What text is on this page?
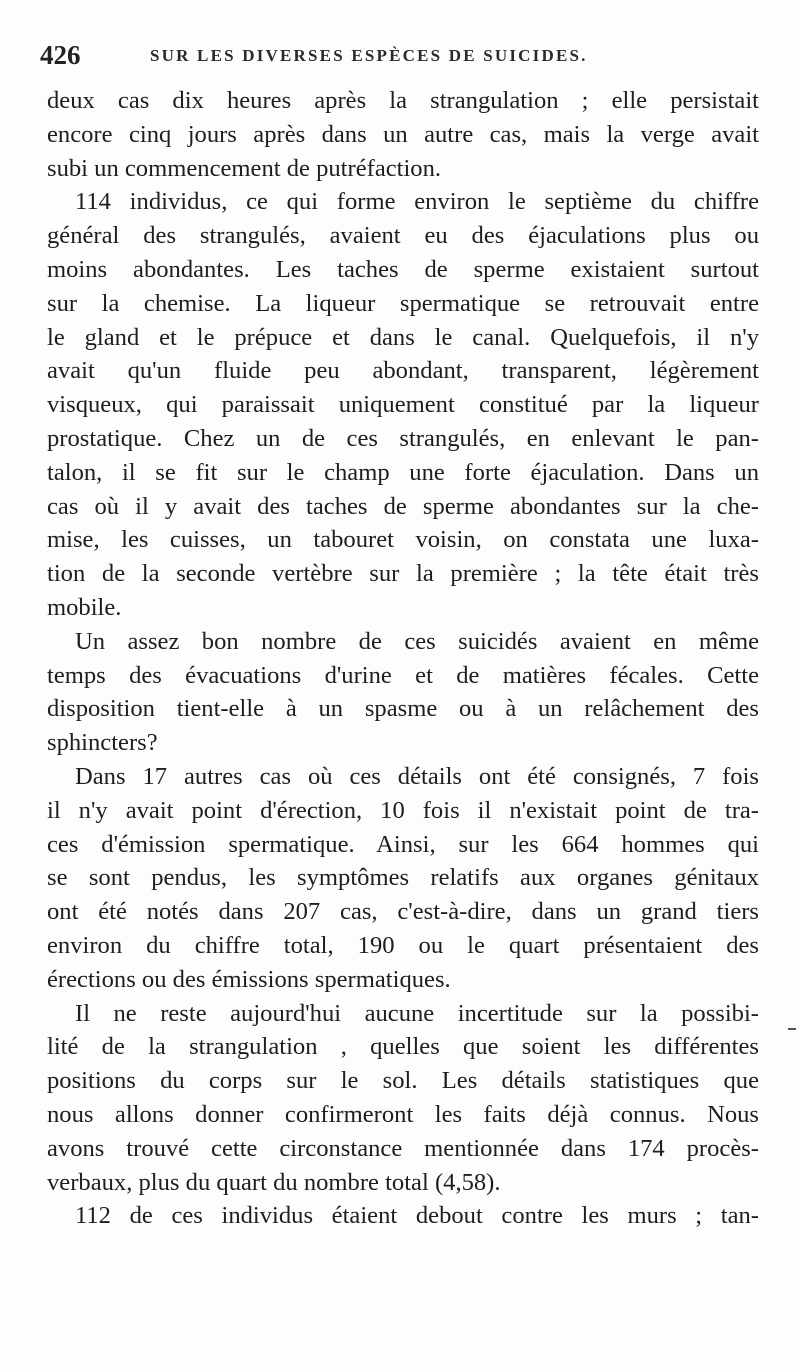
426	SUR LES DIVERSES ESPÈCES DE SUICIDES.
deux cas dix heures après la strangulation ; elle persistait
encore cinq jours après dans un autre cas, mais la verge avait
subi un commencement de putréfaction.
114 individus, ce qui forme environ le septième du chiffre
général des strangulés, avaient eu des éjaculations plus ou
moins abondantes. Les taches de sperme existaient surtout
sur la chemise. La liqueur spermatique se retrouvait entre
le gland et le prépuce et dans le canal. Quelquefois, il n'y
avait qu'un fluide peu abondant, transparent, légèrement
visqueux, qui paraissait uniquement constitué par la liqueur
prostatique. Chez un de ces strangulés, en enlevant le pan-
talon, il se fit sur le champ une forte éjaculation. Dans un
cas où il y avait des taches de sperme abondantes sur la che-
mise, les cuisses, un tabouret voisin, on constata une luxa-
tion de la seconde vertèbre sur la première ; la tête était très
mobile.
Un assez bon nombre de ces suicidés avaient en même
temps des évacuations d'urine et de matières fécales. Cette
disposition tient-elle à un spasme ou à un relâchement des
sphincters?
Dans 17 autres cas où ces détails ont été consignés, 7 fois
il n'y avait point d'érection, 10 fois il n'existait point de tra-
ces d'émission spermatique. Ainsi, sur les 664 hommes qui
se sont pendus, les symptômes relatifs aux organes génitaux
ont été notés dans 207 cas, c'est-à-dire, dans un grand tiers
environ du chiffre total, 190 ou le quart présentaient des
érections ou des émissions spermatiques.
Il ne reste aujourd'hui aucune incertitude sur la possibi-
lité de la strangulation , quelles que soient les différentes
positions du corps sur le sol. Les détails statistiques que
nous allons donner confirmeront les faits déjà connus. Nous
avons trouvé cette circonstance mentionnée dans 174 procès-
verbaux, plus du quart du nombre total (4,58).
112 de ces individus étaient debout contre les murs ; tan-
